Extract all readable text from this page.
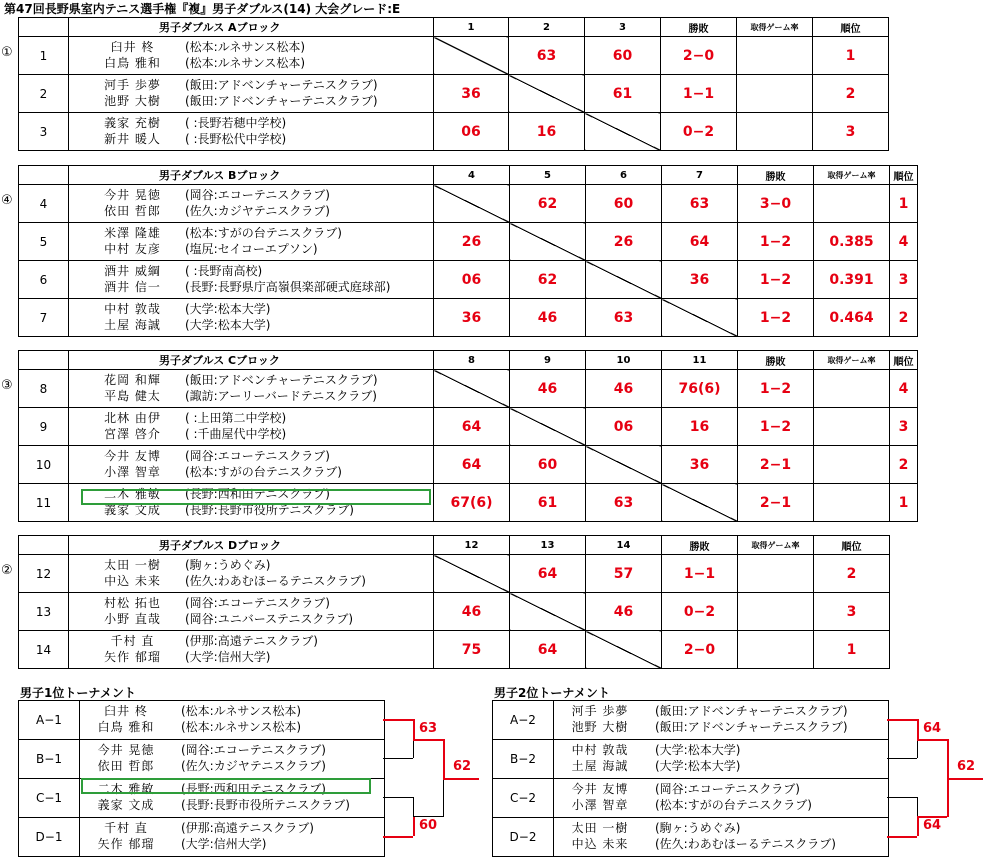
第47回長野県室内テニス選手権『複』男子ダブルス(14) 大会グレード:E
	男子ダブルス Aブロック	1	2	3	勝敗	取得ゲーム率	順位
1	臼井 柊 (松本:ルネサンス松本)
白鳥 雅和 (松本:ルネサンス松本)		63	60	2−0		1
2	河手 歩夢 (飯田:アドベンチャーテニスクラブ)
池野 大樹 (飯田:アドベンチャーテニスクラブ)	36		61	1−1		2
3	義家 充樹 ( :長野若穂中学校)
新井 暖人 ( :長野松代中学校)	06	16		0−2		3
①
	男子ダブルス Bブロック	4	5	6	7	勝敗	取得ゲーム率	順位
4	今井 晃徳 (岡谷:エコーテニスクラブ)
依田 哲郎 (佐久:カジヤテニスクラブ)		62	60	63	3−0		1
5	米澤 隆雄 (松本:すがの台テニスクラブ)
中村 友彦 (塩尻:セイコーエプソン)	26		26	64	1−2	0.385	4
6	酒井 威綱 ( :長野南高校)
酒井 信一 (長野:長野県庁高嶺倶楽部硬式庭球部)	06	62		36	1−2	0.391	3
7	中村 敦哉 (大学:松本大学)
土屋 海誠 (大学:松本大学)	36	46	63		1−2	0.464	2
④
	男子ダブルス Cブロック	8	9	10	11	勝敗	取得ゲーム率	順位
8	花岡 和輝 (飯田:アドベンチャーテニスクラブ)
平島 健太 (諏訪:アーリーバードテニスクラブ)		46	46	76(6)	1−2		4
9	北林 由伊 ( :上田第二中学校)
宮澤 啓介 ( :千曲屋代中学校)	64		06	16	1−2		3
10	今井 友博 (岡谷:エコーテニスクラブ)
小澤 智章 (松本:すがの台テニスクラブ)	64	60		36	2−1		2
11	二木 雅敏 (長野:西和田テニスクラブ)
義家 文成 (長野:長野市役所テニスクラブ)	67(6)	61	63		2−1		1
③
	男子ダブルス Dブロック	12	13	14	勝敗	取得ゲーム率	順位
12	太田 一樹 (駒ヶ:うめぐみ)
中込 未来 (佐久:わあむほーるテニスクラブ)		64	57	1−1		2
13	村松 拓也 (岡谷:エコーテニスクラブ)
小野 直哉 (岡谷:ユニバーステニスクラブ)	46		46	0−2		3
14	千村 直 (伊那:高遠テニスクラブ)
矢作 郁瑠 (大学:信州大学)	75	64		2−0		1
②
男子1位トーナメント
A−1
臼井 柊	(松本:ルネサンス松本)
白鳥 雅和	(松本:ルネサンス松本)
B−1
今井 晃徳	(岡谷:エコーテニスクラブ)
依田 哲郎	(佐久:カジヤテニスクラブ)
C−1
二木 雅敏	(長野:西和田テニスクラブ)
義家 文成	(長野:長野市役所テニスクラブ)
D−1
千村 直	(伊那:高遠テニスクラブ)
矢作 郁瑠	(大学:信州大学)
63
60
62
男子2位トーナメント
A−2
河手 歩夢	(飯田:アドベンチャーテニスクラブ)
池野 大樹	(飯田:アドベンチャーテニスクラブ)
B−2
中村 敦哉	(大学:松本大学)
土屋 海誠	(大学:松本大学)
C−2
今井 友博	(岡谷:エコーテニスクラブ)
小澤 智章	(松本:すがの台テニスクラブ)
D−2
太田 一樹	(駒ヶ:うめぐみ)
中込 未来	(佐久:わあむほーるテニスクラブ)
64
64
62
